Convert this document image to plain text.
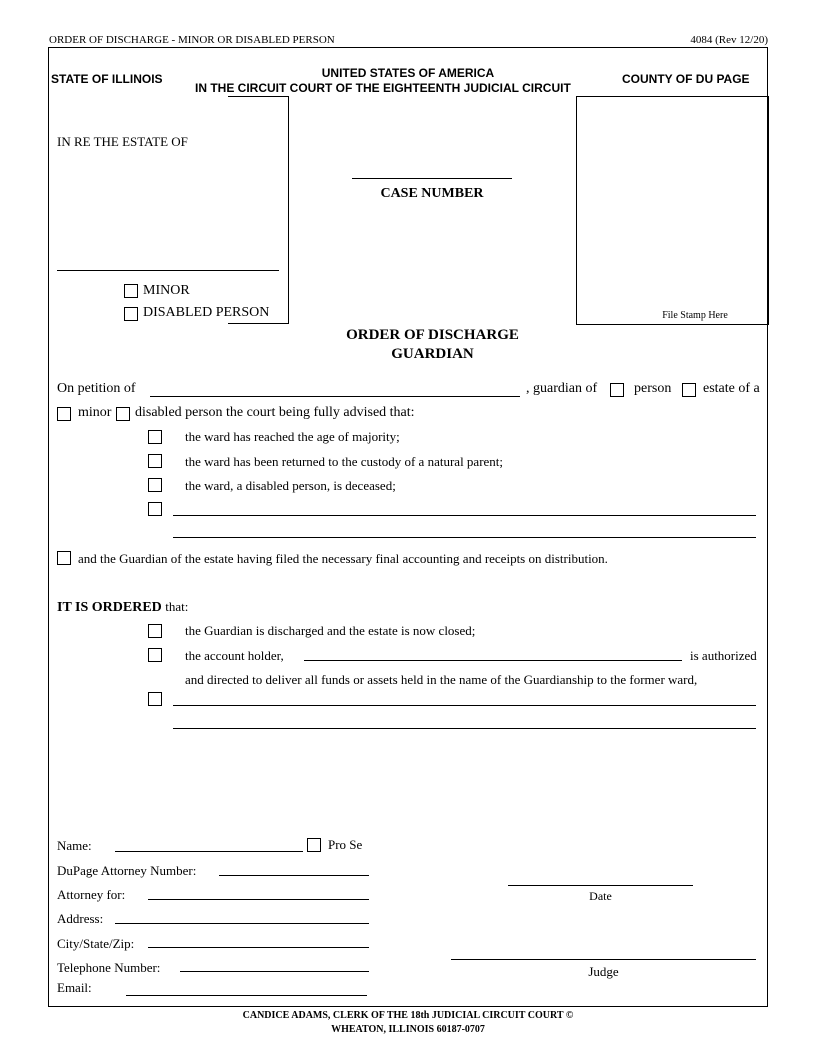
ORDER OF DISCHARGE - MINOR OR DISABLED PERSON	4084 (Rev 12/20)
STATE OF ILLINOIS	UNITED STATES OF AMERICA
IN THE CIRCUIT COURT OF THE EIGHTEENTH JUDICIAL CIRCUIT
COUNTY OF DU PAGE
IN RE THE ESTATE OF
MINOR
DISABLED PERSON
CASE NUMBER
File Stamp Here
ORDER OF DISCHARGE
GUARDIAN
On petition of	, guardian of	person estate of a
minor disabled person the court being fully advised that:
the ward has reached the age of majority;
the ward has been returned to the custody of a natural parent;
the ward, a disabled person, is deceased;
and the Guardian of the estate having filed the necessary final accounting and receipts on distribution.
IT IS ORDERED that:
the Guardian is discharged and the estate is now closed;
the account holder,	is authorized
and directed to deliver all funds or assets held in the name of the Guardianship to the former ward,
Name:	Pro Se
DuPage Attorney Number:
Attorney for:
Address:
City/State/Zip:
Telephone Number:
Email:
Date
Judge
CANDICE ADAMS, CLERK OF THE 18th JUDICIAL CIRCUIT COURT ©
WHEATON, ILLINOIS 60187-0707
